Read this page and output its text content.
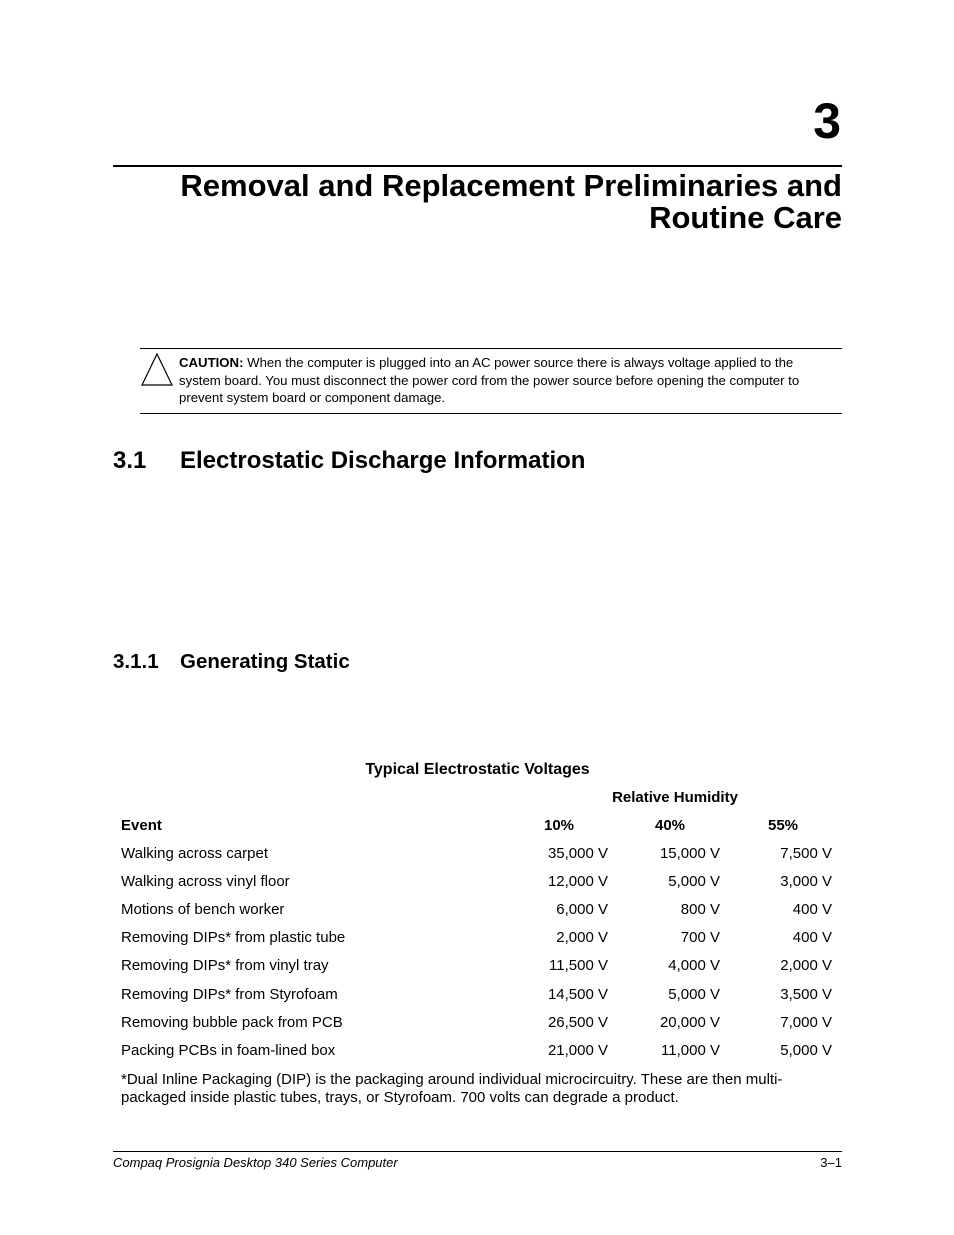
3
Removal and Replacement Preliminaries and
Routine Care
CAUTION: When the computer is plugged into an AC power source there is always voltage applied to the system board. You must disconnect the power cord from the power source before opening the computer to prevent system board or component damage.
3.1 Electrostatic Discharge Information
3.1.1 Generating Static
Typical Electrostatic Voltages
Relative Humidity
Event	10%	40%	55%
Walking across carpet	35,000 V	15,000 V	7,500 V
Walking across vinyl floor	12,000 V	5,000 V	3,000 V
Motions of bench worker	6,000 V	800 V	400 V
Removing DIPs* from plastic tube	2,000 V	700 V	400 V
Removing DIPs* from vinyl tray	11,500 V	4,000 V	2,000 V
Removing DIPs* from Styrofoam	14,500 V	5,000 V	3,500 V
Removing bubble pack from PCB	26,500 V	20,000 V	7,000 V
Packing PCBs in foam-lined box	21,000 V	11,000 V	5,000 V
*Dual Inline Packaging (DIP) is the packaging around individual microcircuitry. These are then multi-packaged inside plastic tubes, trays, or Styrofoam. 700 volts can degrade a product.
Compaq Prosignia Desktop 340 Series Computer	3–1
